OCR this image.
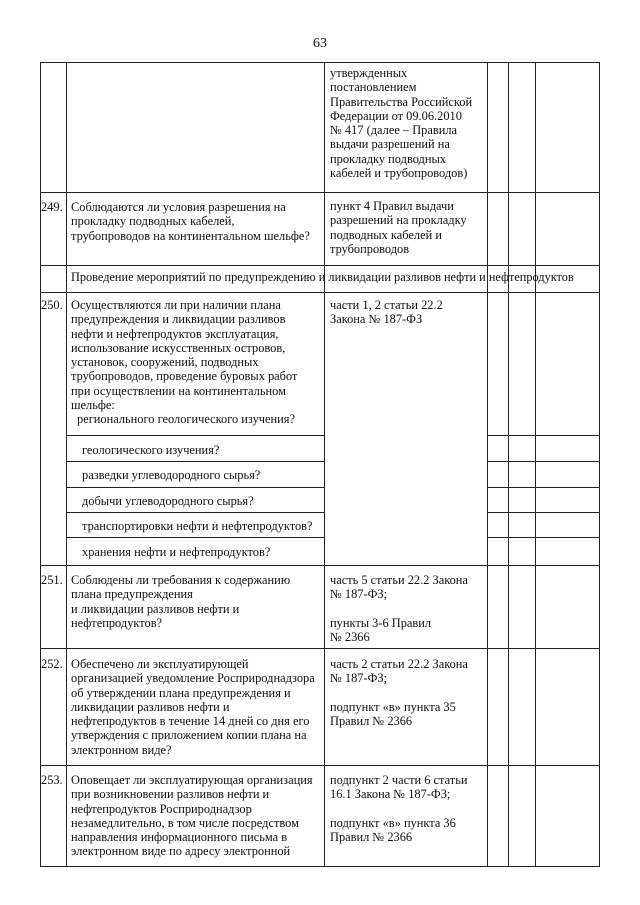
63
утвержденных
постановлением
Правительства Российской
Федерации от 09.06.2010
№ 417 (далее – Правила
выдачи разрешений на
прокладку подводных
кабелей и трубопроводов)
249. Соблюдаются ли условия разрешения на
прокладку подводных кабелей,
трубопроводов на континентальном шельфе?
пункт 4 Правил выдачи
разрешений на прокладку
подводных кабелей и
трубопроводов
Проведение мероприятий по предупреждению и ликвидации разливов нефти и нефтепродуктов
250. Осуществляются ли при наличии плана
предупреждения и ликвидации разливов
нефти и нефтепродуктов эксплуатация,
использование искусственных островов,
установок, сооружений, подводных
трубопроводов, проведение буровых работ
при осуществлении на континентальном
шельфе:
регионального геологического изучения?
части 1, 2 статьи 22.2
Закона № 187-ФЗ
геологического изучения?
разведки углеводородного сырья?
добычи углеводородного сырья?
транспортировки нефти и нефтепродуктов?
хранения нефти и нефтепродуктов?
251. Соблюдены ли требования к содержанию
плана предупреждения
и ликвидации разливов нефти и
нефтепродуктов?
часть 5 статьи 22.2 Закона
№ 187-ФЗ;
пункты 3-6 Правил
№ 2366
252. Обеспечено ли эксплуатирующей
организацией уведомление Росприроднадзора
об утверждении плана предупреждения и
ликвидации разливов нефти и
нефтепродуктов в течение 14 дней со дня его
утверждения с приложением копии плана на
электронном виде?
часть 2 статьи 22.2 Закона
№ 187-ФЗ;
подпункт «в» пункта 35
Правил № 2366
253. Оповещает ли эксплуатирующая организация
при возникновении разливов нефти и
нефтепродуктов Росприроднадзор
незамедлительно, в том числе посредством
направления информационного письма в
электронном виде по адресу электронной
подпункт 2 части 6 статьи
16.1 Закона № 187-ФЗ;
подпункт «в» пункта 36
Правил № 2366
